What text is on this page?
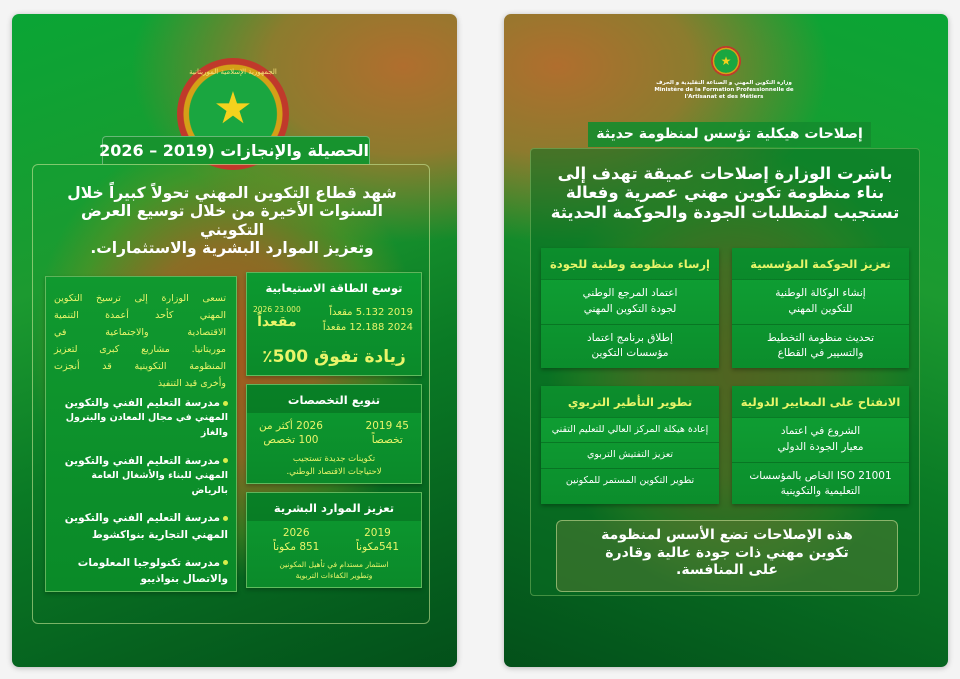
الجمهورية الإسلامية الموريتانية
★
الحصيلة والإنجازات (2019 – 2026
شهد قطاع التكوين المهني تحولاً كبيراً خلال
السنوات الأخيرة من خلال توسيع العرض التكويني
وتعزيز الموارد البشرية والاستثمارات.
توسع الطاقة الاستيعابية
2019 5.132 مقعداً
2024 12.188 مقعداً
23.000 2026
مقعداً
زيادة تفوق 500٪
تنويع التخصصات
45 2019
تخصصاً
2026 أكثر من
100 تخصص
تكوينات جديدة تستجيب
لاحتياجات الاقتصاد الوطني.
تعزيز الموارد البشرية
2019
541مكوناً
2026
851 مكوناً
استثمار مستدام في تأهيل المكونين
وتطوير الكفاءات التربوية
تسعى الوزارة إلى ترسيخ التكوين
المهني كأحد أعمدة التنمية
الاقتصادية والاجتماعية في
موريتانيا. مشاريع كبرى لتعزيز
المنظومة التكوينية قد أنجزت
وأخرى قيد التنفيذ
مدرسة التعليم الفني والتكوين
المهني في مجال المعادن والبترول والغاز
مدرسة التعليم الفني والتكوين
المهني للبناء والأشغال العامة بالرياض
مدرسة التعليم الفني والتكوين
المهني التجارية بنواكشوط
مدرسة تكنولوجيا المعلومات
والاتصال بنواذيبو
★
وزارة التكوين المهني و الصناعة التقليدية و الحرف
Ministère de la Formation Professionnelle de
l'Artisanat et des Métiers
إصلاحات هيكلية تؤسس لمنظومة حديثة
باشرت الوزارة إصلاحات عميقة تهدف إلى
بناء منظومة تكوين مهني عصرية وفعالة
تستجيب لمتطلبات الجودة والحوكمة الحديثة
تعزيز الحوكمة المؤسسية
إنشاء الوكالة الوطنية
للتكوين المهني
تحديث منظومة التخطيط
والتسيير في القطاع
إرساء منظومة وطنية للجودة
اعتماد المرجع الوطني
لجودة التكوين المهني
إطلاق برنامج اعتماد
مؤسسات التكوين
الانفتاح على المعايير الدولية
الشروع في اعتماد
معيار الجودة الدولي
ISO 21001 الخاص بالمؤسسات
التعليمية والتكوينية
تطوير التأطير التربوي
إعادة هيكلة المركز العالي للتعليم التقني
تعزيز التفتيش التربوي
تطوير التكوين المستمر للمكونين
هذه الإصلاحات تضع الأسس لمنظومة
تكوين مهني ذات جودة عالية وقادرة
على المنافسة.
